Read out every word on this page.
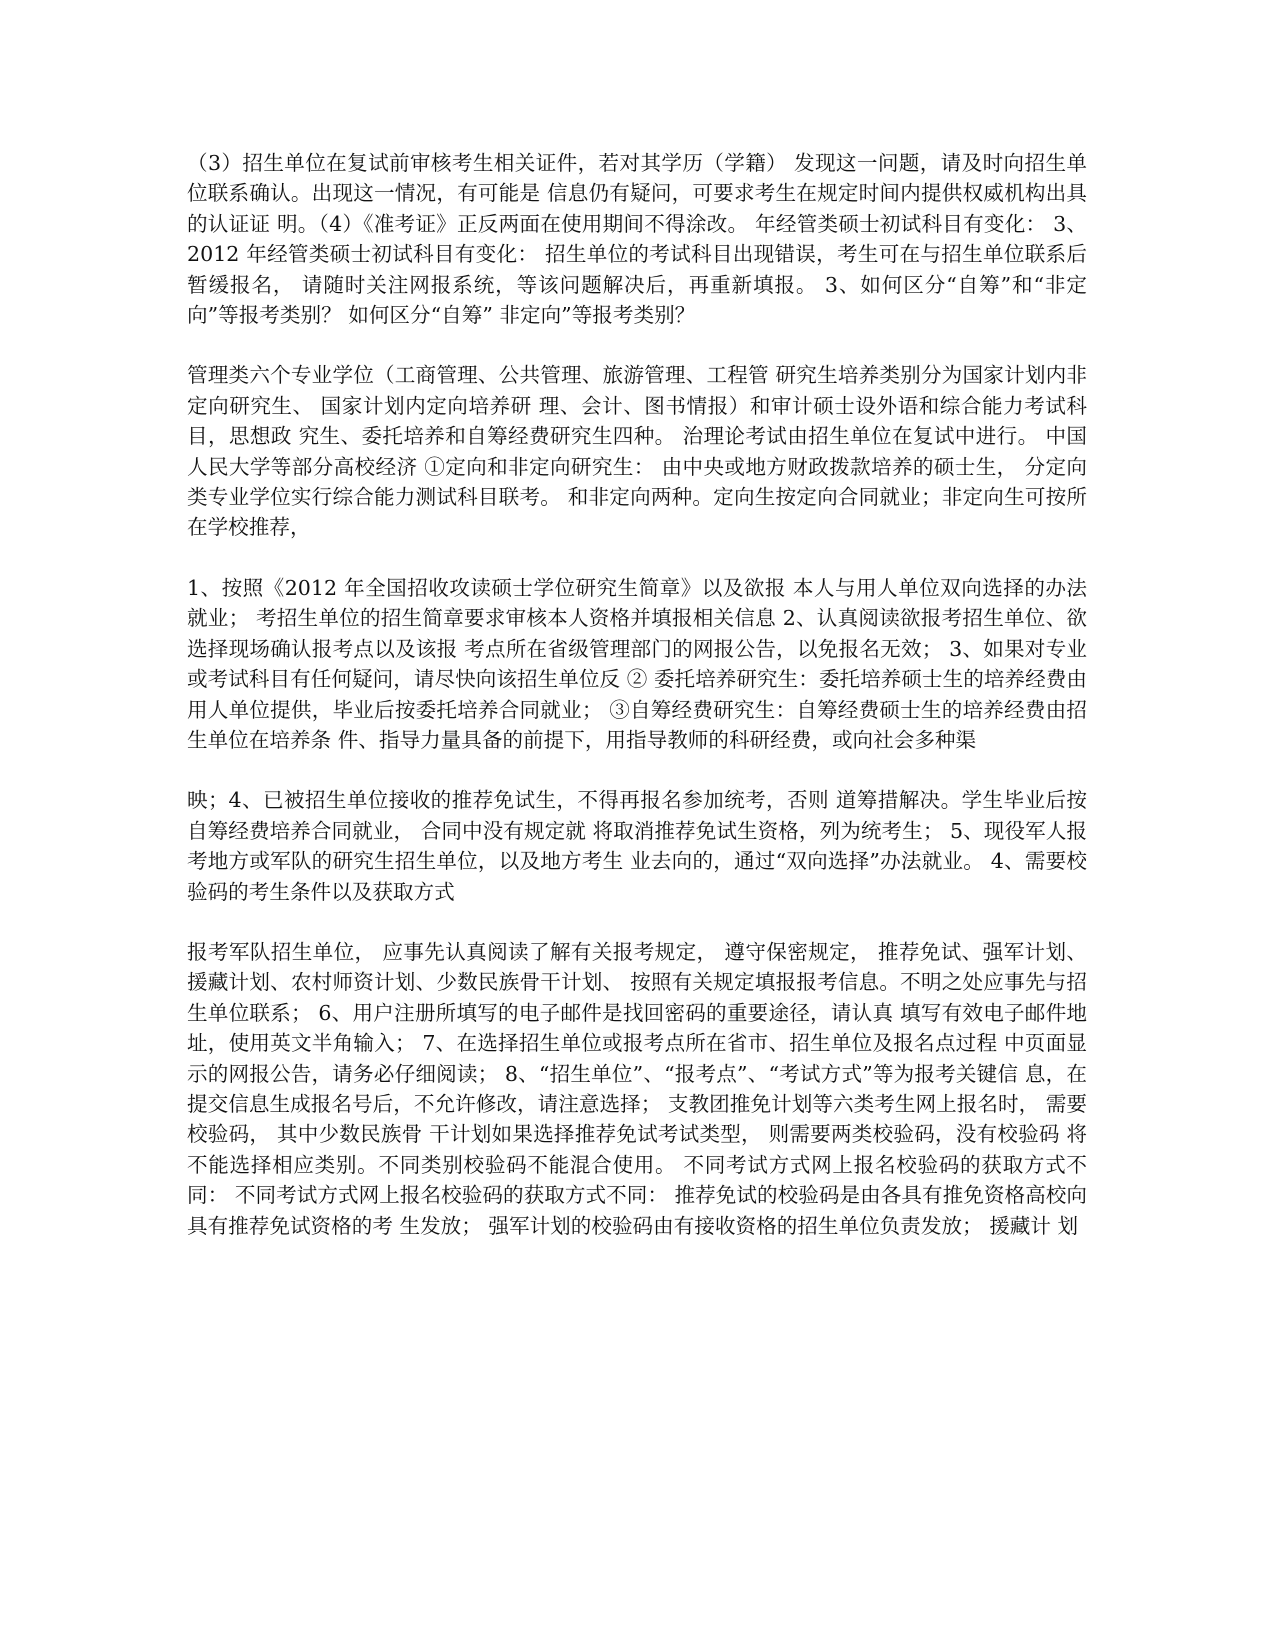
（3）招生单位在复试前审核考生相关证件，若对其学历（学籍） 发现这一问题，请及时向招生单位联系确认。出现这一情况，有可能是 信息仍有疑问，可要求考生在规定时间内提供权威机构出具的认证证 明。（4）《准考证》正反两面在使用期间不得涂改。 年经管类硕士初试科目有变化： 3、2012 年经管类硕士初试科目有变化： 招生单位的考试科目出现错误，考生可在与招生单位联系后暂缓报名， 请随时关注网报系统，等该问题解决后，再重新填报。 3、如何区分“自筹”和“非定向”等报考类别？ 如何区分“自筹” 非定向”等报考类别？

管理类六个专业学位（工商管理、公共管理、旅游管理、工程管 研究生培养类别分为国家计划内非定向研究生、 国家计划内定向培养研 理、会计、图书情报）和审计硕士设外语和综合能力考试科目，思想政 究生、委托培养和自筹经费研究生四种。 治理论考试由招生单位在复试中进行。 中国人民大学等部分高校经济 ①定向和非定向研究生： 由中央或地方财政拨款培养的硕士生， 分定向 类专业学位实行综合能力测试科目联考。 和非定向两种。定向生按定向合同就业；非定向生可按所在学校推荐，

1、按照《2012 年全国招收攻读硕士学位研究生简章》以及欲报 本人与用人单位双向选择的办法就业； 考招生单位的招生简章要求审核本人资格并填报相关信息 2、认真阅读欲报考招生单位、欲选择现场确认报考点以及该报 考点所在省级管理部门的网报公告，以免报名无效； 3、如果对专业或考试科目有任何疑问，请尽快向该招生单位反 ② 委托培养研究生：委托培养硕士生的培养经费由用人单位提供，毕业后按委托培养合同就业； ③自筹经费研究生：自筹经费硕士生的培养经费由招生单位在培养条 件、指导力量具备的前提下，用指导教师的科研经费，或向社会多种渠

映；4、已被招生单位接收的推荐免试生，不得再报名参加统考，否则 道筹措解决。学生毕业后按自筹经费培养合同就业， 合同中没有规定就 将取消推荐免试生资格，列为统考生； 5、现役军人报考地方或军队的研究生招生单位，以及地方考生 业去向的，通过“双向选择”办法就业。 4、需要校验码的考生条件以及获取方式

报考军队招生单位， 应事先认真阅读了解有关报考规定， 遵守保密规定， 推荐免试、强军计划、援藏计划、农村师资计划、少数民族骨干计划、 按照有关规定填报报考信息。不明之处应事先与招生单位联系； 6、用户注册所填写的电子邮件是找回密码的重要途径，请认真 填写有效电子邮件地址，使用英文半角输入； 7、在选择招生单位或报考点所在省市、招生单位及报名点过程 中页面显示的网报公告，请务必仔细阅读； 8、“招生单位”、“报考点”、“考试方式”等为报考关键信 息，在提交信息生成报名号后，不允许修改，请注意选择； 支教团推免计划等六类考生网上报名时， 需要校验码， 其中少数民族骨 干计划如果选择推荐免试考试类型， 则需要两类校验码，没有校验码 将不能选择相应类别。不同类别校验码不能混合使用。 不同考试方式网上报名校验码的获取方式不同： 不同考试方式网上报名校验码的获取方式不同： 推荐免试的校验码是由各具有推免资格高校向具有推荐免试资格的考 生发放； 强军计划的校验码由有接收资格的招生单位负责发放； 援藏计 划
